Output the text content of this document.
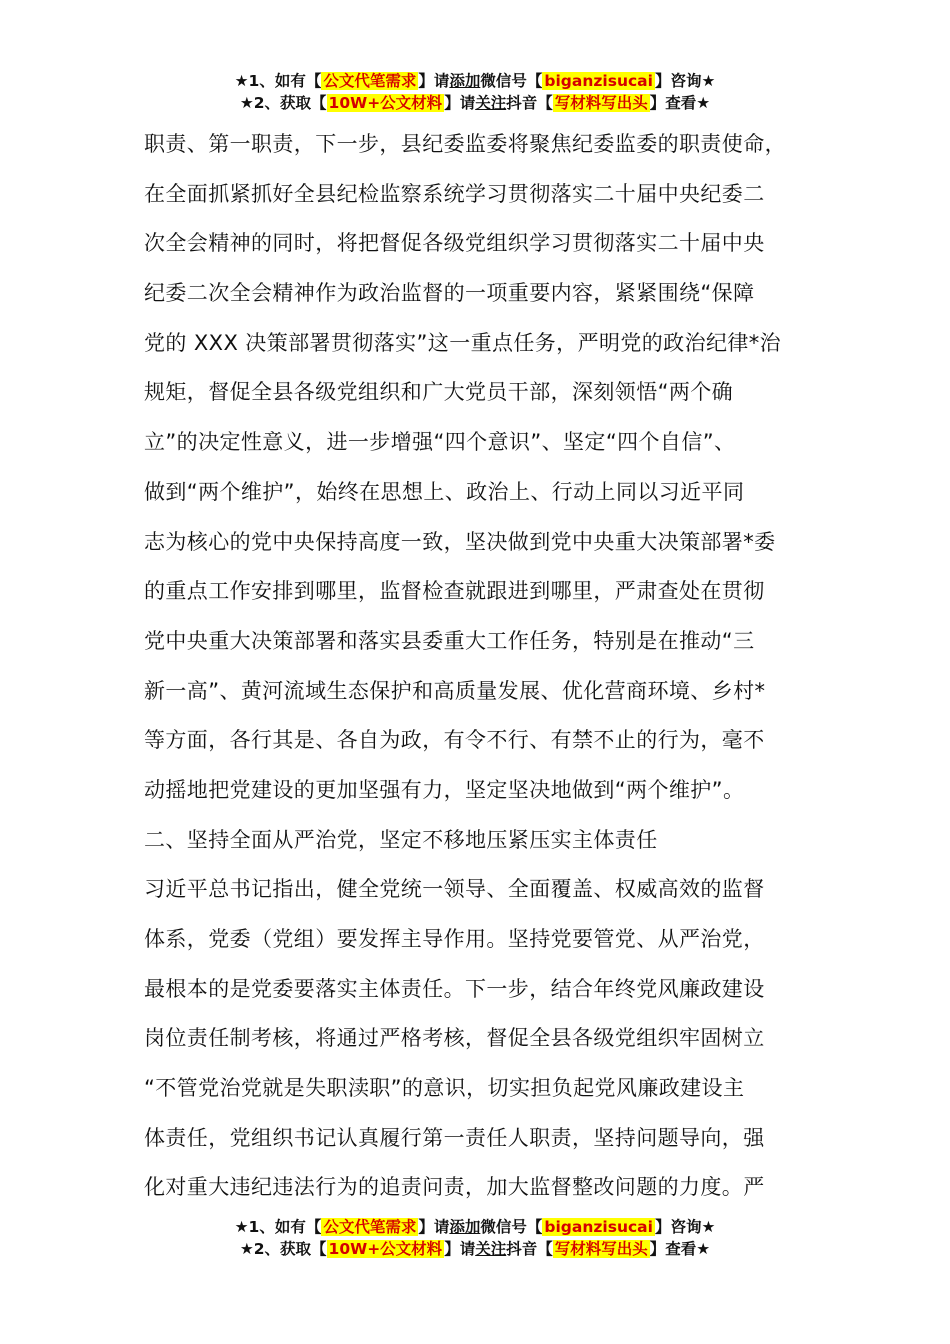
★1、如有【 公文代笔需求 】请添加微信号【 biganzisucai 】咨询★
★2、获取【 10W+公文材料 】请关注抖音【 写材料写出头 】查看★
职责、第一职责，下一步，县纪委监委将聚焦纪委监委的职责使命，
在全面抓紧抓好全县纪检监察系统学习贯彻落实二十届中央纪委二
次全会精神的同时，将把督促各级党组织学习贯彻落实二十届中央
纪委二次全会精神作为政治监督的一项重要内容，紧紧围绕“保障
党的 XXX 决策部署贯彻落实”这一重点任务，严明党的政治纪律*治
规矩，督促全县各级党组织和广大党员干部，深刻领悟“两个确
立”的决定性意义，进一步增强“四个意识”、坚定“四个自信”、
做到“两个维护”，始终在思想上、政治上、行动上同以习近平同
志为核心的党中央保持高度一致，坚决做到党中央重大决策部署*委
的重点工作安排到哪里，监督检查就跟进到哪里，严肃查处在贯彻
党中央重大决策部署和落实县委重大工作任务，特别是在推动“三
新一高”、黄河流域生态保护和高质量发展、优化营商环境、乡村*
等方面，各行其是、各自为政，有令不行、有禁不止的行为，毫不
动摇地把党建设的更加坚强有力，坚定坚决地做到“两个维护”。
二、坚持全面从严治党，坚定不移地压紧压实主体责任
习近平总书记指出，健全党统一领导、全面覆盖、权威高效的监督
体系，党委（党组）要发挥主导作用。坚持党要管党、从严治党，
最根本的是党委要落实主体责任。下一步，结合年终党风廉政建设
岗位责任制考核，将通过严格考核，督促全县各级党组织牢固树立
“不管党治党就是失职渎职”的意识，切实担负起党风廉政建设主
体责任，党组织书记认真履行第一责任人职责，坚持问题导向，强
化对重大违纪违法行为的追责问责，加大监督整改问题的力度。严
★1、如有【 公文代笔需求 】请添加微信号【 biganzisucai 】咨询★
★2、获取【 10W+公文材料 】请关注抖音【 写材料写出头 】查看★
